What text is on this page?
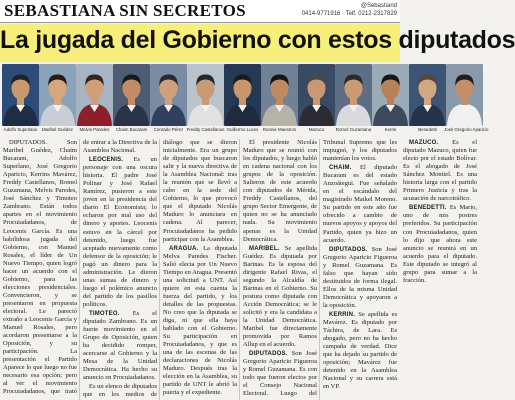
SEBASTIANA SIN SECRETOS	@Sebastiand
0414-9771916 · Telf. 0212-2317829
La jugada del Gobierno con estos diputados
Adolfo Superlano	Maribel Guédez	Melvis Paredes	Chaim Bucaram	Conrado Pérez Freddy Castellanos Guillermo Luces	Ronnie Maestros	Mazuco	Romel Guzamana	Kerrin	Benedetti	José Gregorio Aparicio

DIPUTADOS. Son Maribel Guédez, Chaim Bucaram, Adolfo Superlano, José Gregorio Aparicio, Kerrins Mavárez, Freddy Castellanos, Romel Guzamana, Melvis Paredes, José Sánchez y Timoteo Zambrano. Están todos apartes en el movimiento Procuiadadanos, de Leocenis García. Es una habilidosa jugada del Gobierno, con Manuel Rosales, el líder de Un Nuevo Tiempo, quien logró hacer un acuerdo con el Gobierno, para las elecciones presidenciales. Convencieron, y se presentaron en propuesta electoral. Le pareció extraño a Leocenis García y Manuel Rosales, pero acordaron presentarse a la Oposición, y su participación. La presentación el Partido Aparece lo que luego no fue necesario esa opción; pero al ver el movimiento Procuiadadanos, que trató de entrar a la Directiva de la Asamblea Nacional.

LEOCENIS. Es un personaje con una oscura historia. El padre José Polinar y José Rafael Ramírez, pusieron a este joven en la presidencia del diario El Economista; lo echaron por mal uso del dinero y aportes. Leocenis estuvo en la cárcel por detenido, luego fue aceptado nuevamente como defensor de la oposición; le pagó un dinero para la administración. Le dieron unas sumas de dinero y luego el polémico anuncio del partido de los pasillos políticos.

TIMOTEO. Es el diputado Zambrano. Es un fuerte movimiento en el Grupo de Oposición, quien ha decidido romper, acercarse al Gobierno y la Mesa de la Unidad Democrática. Ha hecho su anuncio en Procuiadadanos.

Es un elenco de diputados que en los medios de diálogo que se dieron inicialmente. Era un grupo de diputados que buscaron salir y la nueva directiva de la Asamblea Nacional: tras la reunión que se llevó a cabo en la sede del Gobierno, lo que provocó que el diputado Nicolás Maduro lo anunciara en cadena. Al parecer, Procuiadadanos ha pedido participar con la Asamblea.

ARAGUA. La diputada Melva Paredes Fischer. Salió electa por Un Nuevo Tiempo en Aragua. Presentó una solicitud a UNT. Así quiere en esta cuenta la fuerza del partido, y los detalles de las propuestas. No creo que la diputada se diga, ni que ella haya hablado con el Gobierno. Su participación en Procuiadadanos, y que es una de las escenas de las declaraciones de Nicolás Maduro. Después tras la elección en la Asamblea, su partido de UNT le abrió la puerta y el expediente.

El presidente Nicolás Maduro que se reunió con los diputados, y luego habló en cadena nacional con los grupos de la oposición. Salieron de este acuerdo con diputados de Mérida, Freddy Castellanos, del grupo Sector Emergente, de quien no se ha anunciado nada. Su movimiento apenas es la Unidad Democrática.

MARIBEL. Se apellida Guédez. Es diputada por Barinas. Es la esposa del dirigente Rafael Rivas, el segundo la Alcaldía de Barinas en el Gobierno. Su postura como diputada con Acción Democrática; se le solicitó y era la candidata a la Unidad Democrática. Maribel fue directamente promovida por Ramos Allup en el acuerdo.

DIPUTADOS. Son José Gregorio Aparicio Figueroa y Romel Guzamana. Es con todo que fueron electos por el Consejo Nacional Electoral. Luego del Tribunal Supremo que les impugnó, y los diputados mantenían los votos.

CHAIM. El diputado Bucaram es del estado Anzoátegui. Fue señalado en el escándalo del magistrado Maikel Moreno. Su partido en este año fue ofrecido a cambio de nuevos apoyos y apoyos del Partido, quien ya hizo un acuerdo.

DIPUTADOS. Son José Gregorio Aparicio Figueroa y Romel Guzamana. Es falso que hayan sido destituidos de forma ilegal. Ellos de la misma Unidad Democrática y apoyaron a la oposición.

KERRIN. Se apellida es Mavárez. Es diputado por Táchira, de Lara. Es abogado, pero no ha hecho campaña de verdad. Dice que ha dejado su partido de oposición; Mavárez fue detenido en la Asamblea Nacional y su carrera está en VP.

MAZUCO. Es el diputado Mazuco, quien fue electo por el estado Bolívar. Es el abogado de José Sánchez Montiel. Es una historia larga con el partido Primero Justicia y tras la acusación de narcotráfico.

BENEDETTI. Es Mario, uno de mis postres preferidos. Su participación con Procuiadadanos, quien lo dijo que ahora este anuncio se reunirá en un acuerdo para el diputado. Este diputado se integró al grupo para sumar a la fracción.
